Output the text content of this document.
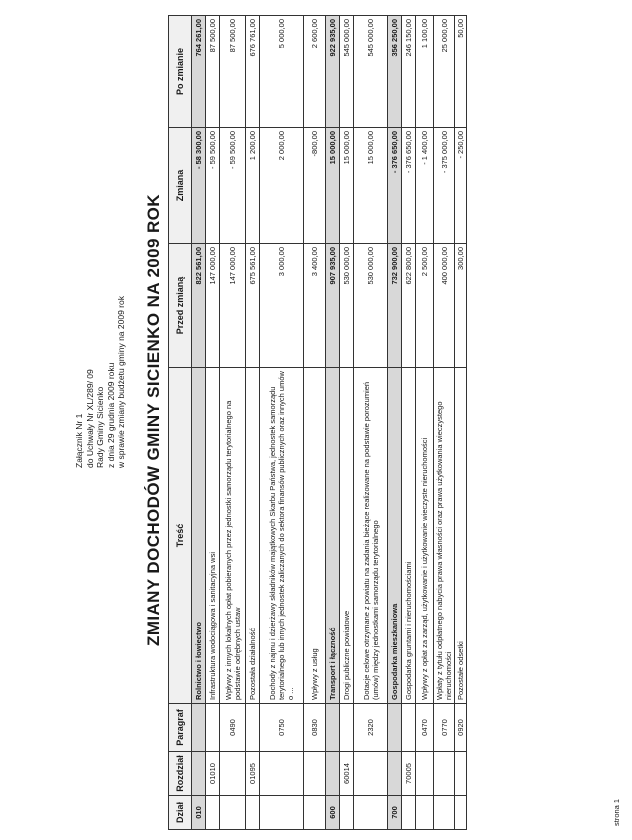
Załącznik Nr 1 do Uchwały Nr XL/289/ 09 Rady Gminy Sicienko z dnia 29 grudnia 2009 roku w sprawie zmiany budżetu gminy na 2009 rok ZMIANY DOCHODÓW GMINY SICIENKO NA 2009 ROK
Dział	Rozdział	Paragraf	Treść	Przed zmianą	Zmiana	Po zmianie
010			Rolnictwo i łowiectwo	822 561,00	- 58 300,00	764 261,00
	01010		Infrastruktura wodociągowa i sanitacyjna wsi	147 000,00	- 59 500,00	87 500,00
		0490	Wpływy z innych lokalnych opłat pobieranych przez jednostki samorządu terytorialnego na podstawie odrębnych ustaw	147 000,00	- 59 500,00	87 500,00
	01095		Pozostała działalność	675 561,00	1 200,00	676 761,00
		0750	Dochody z najmu i dzierżawy składników majątkowych Skarbu Państwa, jednostek samorządu terytorialnego lub innych jednostek zaliczanych do sektora finansów publicznych oraz innych umów o ...	3 000,00	2 000,00	5 000,00
		0830	Wpływy z usług	3 400,00	-800,00	2 600,00
600			Transport i łączność	907 935,00	15 000,00	922 935,00
	60014		Drogi publiczne powiatowe	530 000,00	15 000,00	545 000,00
		2320	Dotacje celowe otrzymane z powiatu na zadania bieżące realizowane na podstawie porozumień (umów) między jednostkami samorządu terytorialnego	530 000,00	15 000,00	545 000,00
700			Gospodarka mieszkaniowa	732 900,00	- 376 650,00	356 250,00
	70005		Gospodarka gruntami i nieruchomościami	622 800,00	- 376 650,00	246 150,00
		0470	Wpływy z opłat za zarząd, użytkowanie i użytkowanie wieczyste nieruchomości	2 500,00	- 1 400,00	1 100,00
		0770	Wpłaty z tytułu odpłatnego nabycia prawa własności oraz prawa użytkowania wieczystego nieruchomości	400 000,00	- 375 000,00	25 000,00
		0920	Pozostałe odsetki	300,00	- 250,00	50,00
strona 1
